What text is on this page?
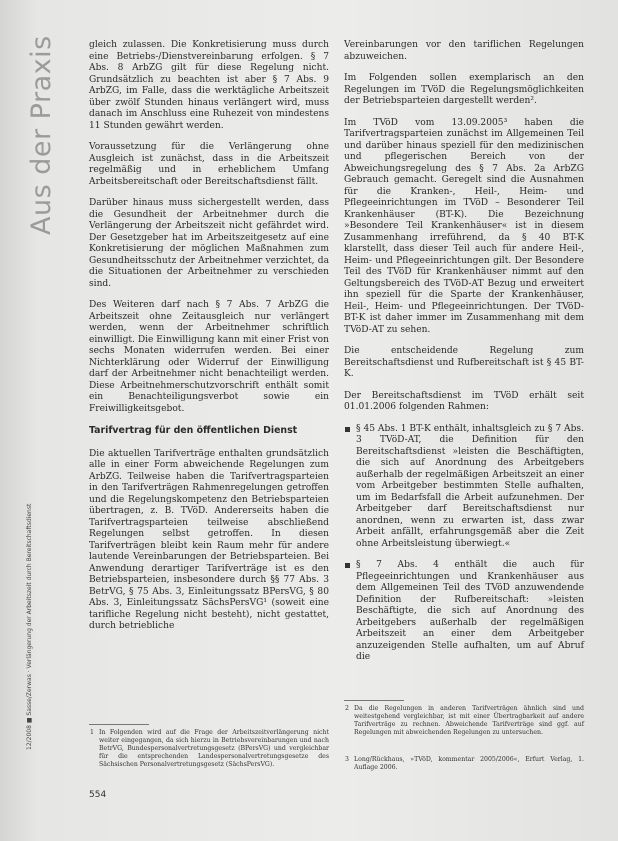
Aus der Praxis
12/2008 ■ Sasse/Zerwas · Verlängerung der Arbeitszeit durch Bereitschaftsdienst

gleich zulassen. Die Konkretisierung muss durch eine Betriebs-/Dienstvereinbarung erfolgen. § 7 Abs. 8 ArbZG gilt für diese Regelung nicht. Grundsätzlich zu beachten ist aber § 7 Abs. 9 ArbZG, im Falle, dass die werktägliche Arbeitszeit über zwölf Stunden hinaus verlängert wird, muss danach im Anschluss eine Ruhezeit von mindestens 11 Stunden gewährt werden.

Voraussetzung für die Verlängerung ohne Ausgleich ist zunächst, dass in die Arbeitszeit regelmäßig und in erheblichem Umfang Arbeitsbereitschaft oder Bereitschaftsdienst fällt.

Darüber hinaus muss sichergestellt werden, dass die Gesundheit der Arbeitnehmer durch die Verlängerung der Arbeitszeit nicht gefährdet wird. Der Gesetzgeber hat im Arbeitszeitgesetz auf eine Konkretisierung der möglichen Maßnahmen zum Gesundheitsschutz der Arbeitnehmer verzichtet, da die Situationen der Arbeitnehmer zu verschieden sind.

Des Weiteren darf nach § 7 Abs. 7 ArbZG die Arbeitszeit ohne Zeitausgleich nur verlängert werden, wenn der Arbeitnehmer schriftlich einwilligt. Die Einwilligung kann mit einer Frist von sechs Monaten widerrufen werden. Bei einer Nichterklärung oder Widerruf der Einwilligung darf der Arbeitnehmer nicht benachteiligt werden. Diese Arbeitnehmerschutzvorschrift enthält somit ein Benachteiligungsverbot sowie ein Freiwilligkeitsgebot.

Tarifvertrag für den öffentlichen Dienst

Die aktuellen Tarifverträge enthalten grundsätzlich alle in einer Form abweichende Regelungen zum ArbZG. Teilweise haben die Tarifvertragsparteien in den Tarifverträgen Rahmenregelungen getroffen und die Regelungskompetenz den Betriebsparteien übertragen, z. B. TVöD. Andererseits haben die Tarifvertragsparteien teilweise abschließend Regelungen selbst getroffen. In diesen Tarifverträgen bleibt kein Raum mehr für andere lautende Vereinbarungen der Betriebsparteien. Bei Anwendung derartiger Tarifverträge ist es den Betriebsparteien, insbesondere durch §§ 77 Abs. 3 BetrVG, § 75 Abs. 3, Einleitungssatz BPersVG, § 80 Abs. 3, Einleitungssatz SächsPersVG¹ (soweit eine tarifliche Regelung nicht besteht), nicht gestattet, durch betriebliche

Vereinbarungen vor den tariflichen Regelungen abzuweichen.

Im Folgenden sollen exemplarisch an den Regelungen im TVöD die Regelungsmöglichkeiten der Betriebsparteien dargestellt werden².

Im TVöD vom 13.09.2005³ haben die Tarifvertragsparteien zunächst im Allgemeinen Teil und darüber hinaus speziell für den medizinischen und pflegerischen Bereich von der Abweichungsregelung des § 7 Abs. 2a ArbZG Gebrauch gemacht. Geregelt sind die Ausnahmen für die Kranken-, Heil-, Heim- und Pflegeeinrichtungen im TVöD – Besonderer Teil Krankenhäuser (BT-K). Die Bezeichnung »Besondere Teil Krankenhäuser« ist in diesem Zusammenhang irreführend, da § 40 BT-K klarstellt, dass dieser Teil auch für andere Heil-, Heim- und Pflegeeinrichtungen gilt. Der Besondere Teil des TVöD für Krankenhäuser nimmt auf den Geltungsbereich des TVöD-AT Bezug und erweitert ihn speziell für die Sparte der Krankenhäuser, Heil-, Heim- und Pflegeeinrichtungen. Der TVöD-BT-K ist daher immer im Zusammenhang mit dem TVöD-AT zu sehen.

Die entscheidende Regelung zum Bereitschaftsdienst und Rufbereitschaft ist § 45 BT-K.

Der Bereitschaftsdienst im TVöD erhält seit 01.01.2006 folgenden Rahmen:

§ 45 Abs. 1 BT-K enthält, inhaltsgleich zu § 7 Abs. 3 TVöD-AT, die Definition für den Bereitschaftsdienst »leisten die Beschäftigten, die sich auf Anordnung des Arbeitgebers außerhalb der regelmäßigen Arbeitszeit an einer vom Arbeitgeber bestimmten Stelle aufhalten, um im Bedarfsfall die Arbeit aufzunehmen. Der Arbeitgeber darf Bereitschaftsdienst nur anordnen, wenn zu erwarten ist, dass zwar Arbeit anfällt, erfahrungsgemäß aber die Zeit ohne Arbeitsleistung überwiegt.«
§ 7 Abs. 4 enthält die auch für Pflegeeinrichtungen und Krankenhäuser aus dem Allgemeinen Teil des TVöD anzuwendende Definition der Rufbereitschaft: »leisten Beschäftigte, die sich auf Anordnung des Arbeitgebers außerhalb der regelmäßigen Arbeitszeit an einer dem Arbeitgeber anzuzeigenden Stelle aufhalten, um auf Abruf die
1 In Folgenden wird auf die Frage der Arbeitszeitverlängerung nicht weiter eingegangen, da sich hierzu in Betriebsvereinbarungen und nach BetrVG, Bundespersonalvertretungsgesetz (BPersVG) und vergleichbar für die entsprechenden Landespersonalvertretungsgesetze des Sächsischen Personalvertretungsgesetz (SächsPersVG).
2 Da die Regelungen in anderen Tarifverträgen ähnlich sind und weitestgehend vergleichbar, ist mit einer Übertragbarkeit auf andere Tarifverträge zu rechnen. Abweichende Tarifverträge sind ggf. auf Regelungen mit abweichenden Regelungen zu untersuchen.
3 Long/Rückhaus, »TVöD, kommentar 2005/2006«, Erfurt Verlag, 1. Auflage 2006.
554
